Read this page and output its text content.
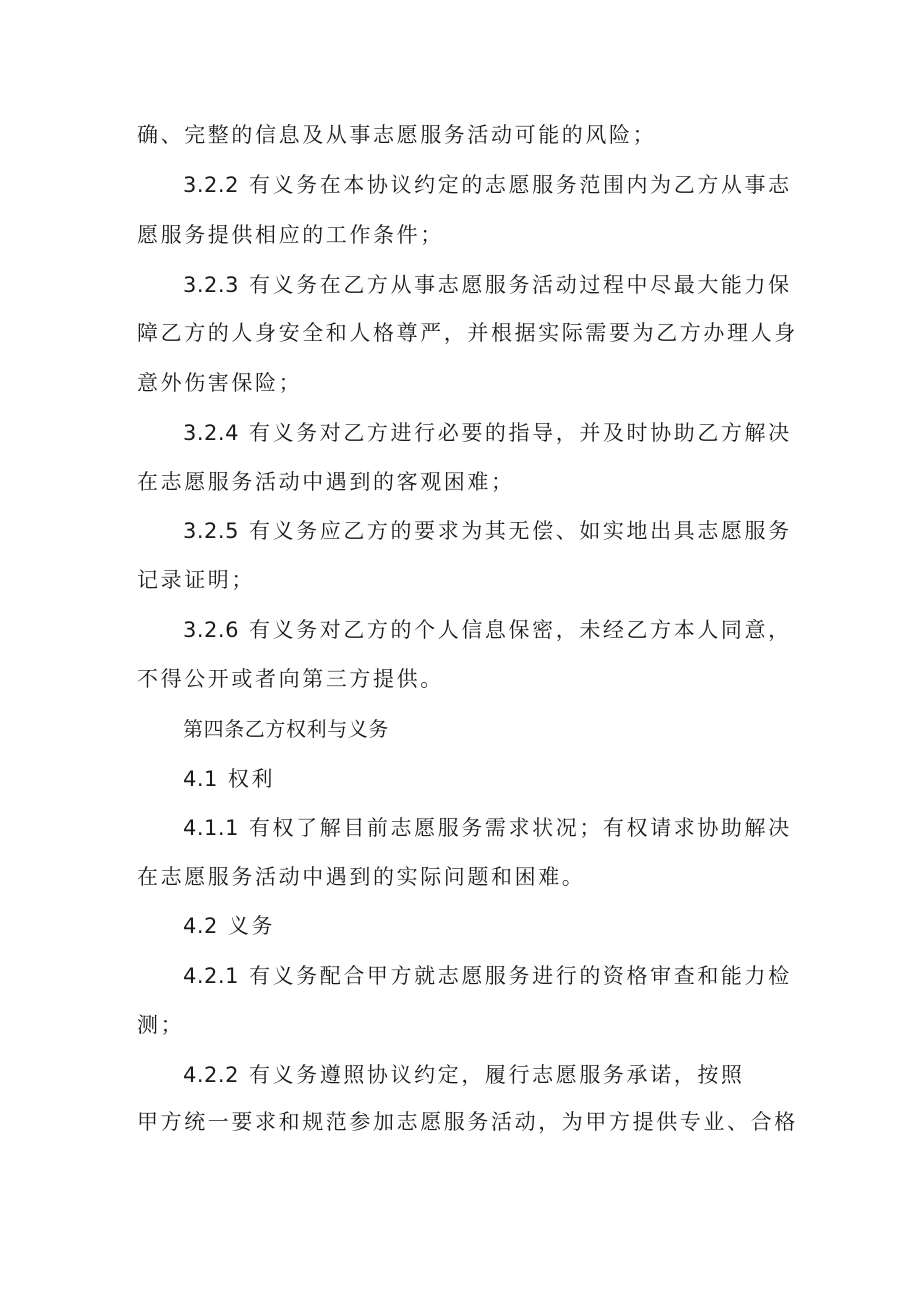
确、完整的信息及从事志愿服务活动可能的风险；
3.2.2 有义务在本协议约定的志愿服务范围内为乙方从事志
愿服务提供相应的工作条件；
3.2.3 有义务在乙方从事志愿服务活动过程中尽最大能力保
障乙方的人身安全和人格尊严，并根据实际需要为乙方办理人身
意外伤害保险；
3.2.4 有义务对乙方进行必要的指导，并及时协助乙方解决
在志愿服务活动中遇到的客观困难；
3.2.5 有义务应乙方的要求为其无偿、如实地出具志愿服务
记录证明；
3.2.6 有义务对乙方的个人信息保密，未经乙方本人同意，
不得公开或者向第三方提供。
第四条乙方权利与义务
4.1 权利
4.1.1 有权了解目前志愿服务需求状况；有权请求协助解决
在志愿服务活动中遇到的实际问题和困难。
4.2 义务
4.2.1 有义务配合甲方就志愿服务进行的资格审查和能力检
测；
4.2.2 有义务遵照协议约定，履行志愿服务承诺，按照
甲方统一要求和规范参加志愿服务活动，为甲方提供专业、合格
